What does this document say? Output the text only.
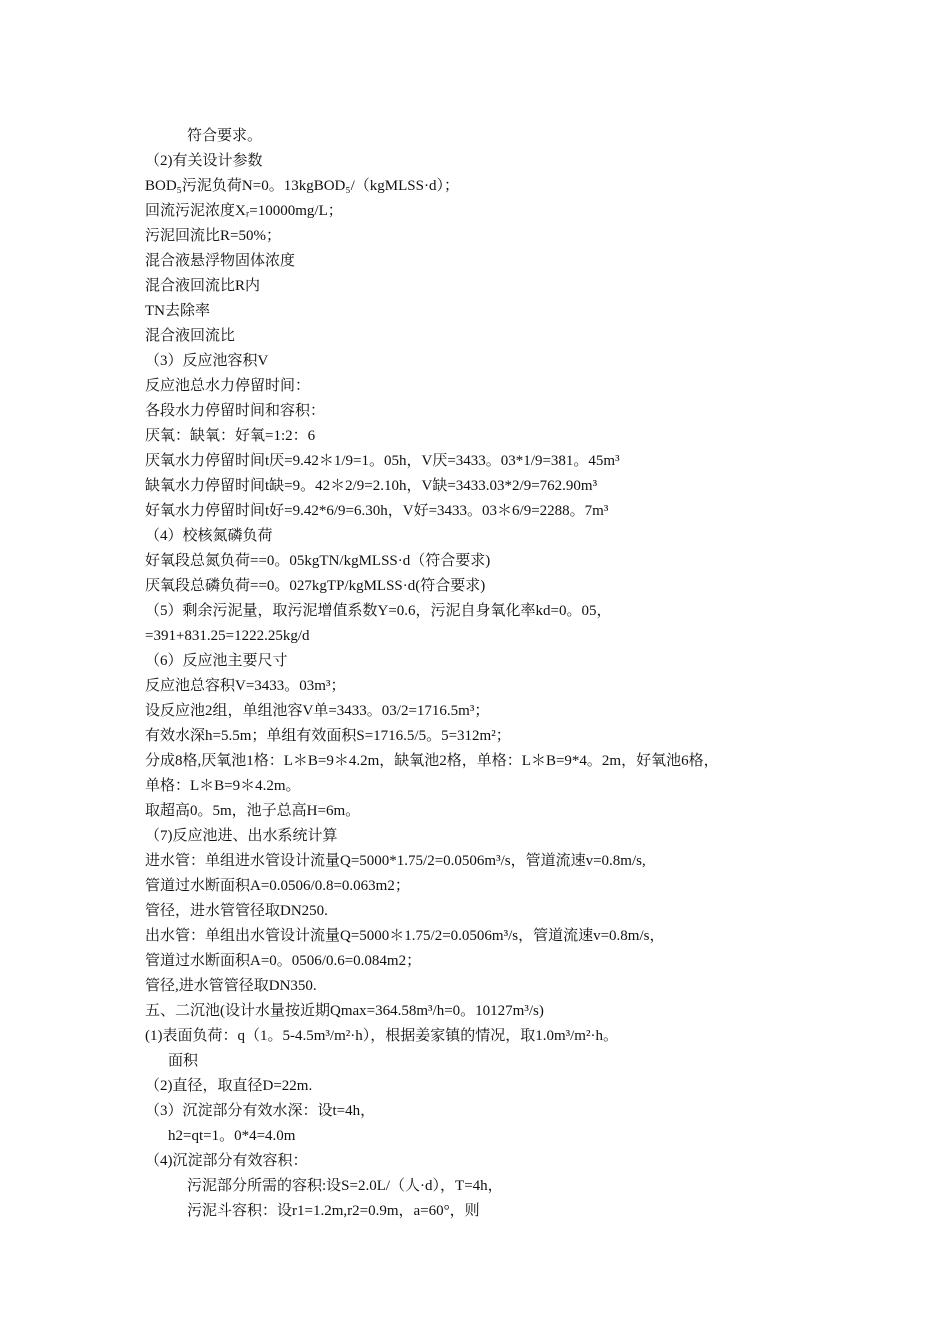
符合要求。
（2)有关设计参数
BOD₅污泥负荷N=0。13kgBOD₅/（kgMLSS·d）；
回流污泥浓度Xᵣ=10000mg/L；
污泥回流比R=50%；
混合液悬浮物固体浓度
混合液回流比R内
TN去除率
混合液回流比
（3）反应池容积V
反应池总水力停留时间：
各段水力停留时间和容积：
厌氧：缺氧：好氧=1:2：6
厌氧水力停留时间t厌=9.42＊1/9=1。05h，V厌=3433。03*1/9=381。45m³
缺氧水力停留时间t缺=9。42＊2/9=2.10h，V缺=3433.03*2/9=762.90m³
好氧水力停留时间t好=9.42*6/9=6.30h，V好=3433。03＊6/9=2288。7m³
（4）校核氮磷负荷
好氧段总氮负荷==0。05kgTN/kgMLSS·d（符合要求)
厌氧段总磷负荷==0。027kgTP/kgMLSS·d(符合要求)
（5）剩余污泥量，取污泥增值系数Y=0.6，污泥自身氧化率kd=0。05，
=391+831.25=1222.25kg/d
（6）反应池主要尺寸
反应池总容积V=3433。03m³；
设反应池2组，单组池容V单=3433。03/2=1716.5m³；
有效水深h=5.5m；单组有效面积S=1716.5/5。5=312m²；
分成8格,厌氧池1格：L＊B=9＊4.2m，缺氧池2格，单格：L＊B=9*4。2m，好氧池6格，
单格：L＊B=9＊4.2m。
取超高0。5m，池子总高H=6m。
（7)反应池进、出水系统计算
进水管：单组进水管设计流量Q=5000*1.75/2=0.0506m³/s，管道流速v=0.8m/s,
管道过水断面积A=0.0506/0.8=0.063m2；
管径，进水管管径取DN250.
出水管：单组出水管设计流量Q=5000＊1.75/2=0.0506m³/s，管道流速v=0.8m/s，
管道过水断面积A=0。0506/0.6=0.084m2；
管径,进水管管径取DN350.
五、二沉池(设计水量按近期Qmax=364.58m³/h=0。10127m³/s)
(1)表面负荷：q（1。5-4.5m³/m²·h），根据姜家镇的情况，取1.0m³/m²·h。
面积
（2)直径，取直径D=22m.
（3）沉淀部分有效水深：设t=4h，
h2=qt=1。0*4=4.0m
（4)沉淀部分有效容积：
污泥部分所需的容积:设S=2.0L/（人·d），T=4h，
污泥斗容积：设r1=1.2m,r2=0.9m，a=60°，则
